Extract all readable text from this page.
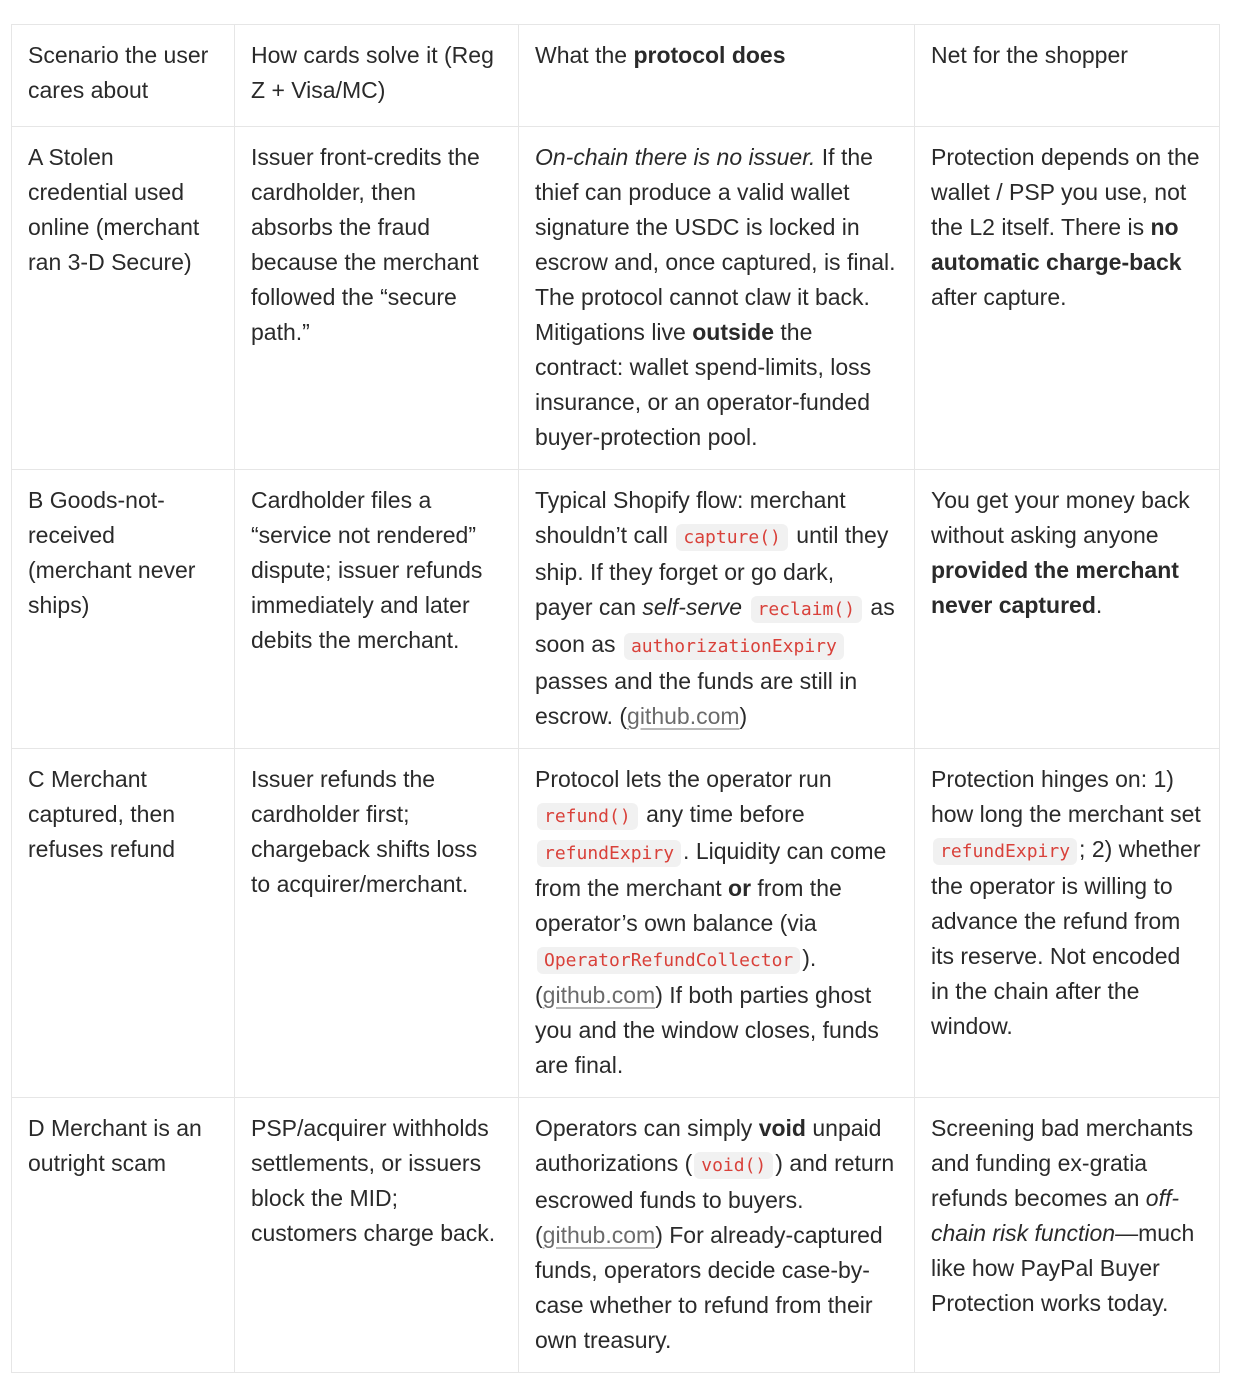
Scenario the user cares about	How cards solve it (Reg Z + Visa/MC)	What the protocol does	Net for the shopper
A Stolen credential used online (merchant ran 3-D Secure)	Issuer front-credits the cardholder, then absorbs the fraud because the merchant followed the “secure path.”	On-chain there is no issuer. If the thief can produce a valid wallet signature the USDC is locked in escrow and, once captured, is final. The protocol cannot claw it back. Mitigations live outside the contract: wallet spend-limits, loss insurance, or an operator-funded buyer-protection pool.	Protection depends on the wallet / PSP you use, not the L2 itself. There is no automatic charge-back after capture.
B Goods-not-received (merchant never ships)	Cardholder files a “service not rendered” dispute; issuer refunds immediately and later debits the merchant.	Typical Shopify flow: merchant shouldn’t call capture() until they ship. If they forget or go dark, payer can self-serve reclaim() as soon as authorizationExpiry passes and the funds are still in escrow. (github.com)	You get your money back without asking anyone provided the merchant never captured.
C Merchant captured, then refuses refund	Issuer refunds the cardholder first; chargeback shifts loss to acquirer/merchant.	Protocol lets the operator run refund() any time before refundExpiry . Liquidity can come from the merchant or from the operator’s own balance (via OperatorRefundCollector ). (github.com) If both parties ghost you and the window closes, funds are final.	Protection hinges on: 1) how long the merchant set refundExpiry ; 2) whether the operator is willing to advance the refund from its reserve. Not encoded in the chain after the window.
D Merchant is an outright scam	PSP/acquirer withholds settlements, or issuers block the MID; customers charge back.	Operators can simply void unpaid authorizations ( void() ) and return escrowed funds to buyers.(github.com) For already-captured funds, operators decide case-by-case whether to refund from their own treasury.	Screening bad merchants and funding ex-gratia refunds becomes an off-chain risk function—much like how PayPal Buyer Protection works today.
